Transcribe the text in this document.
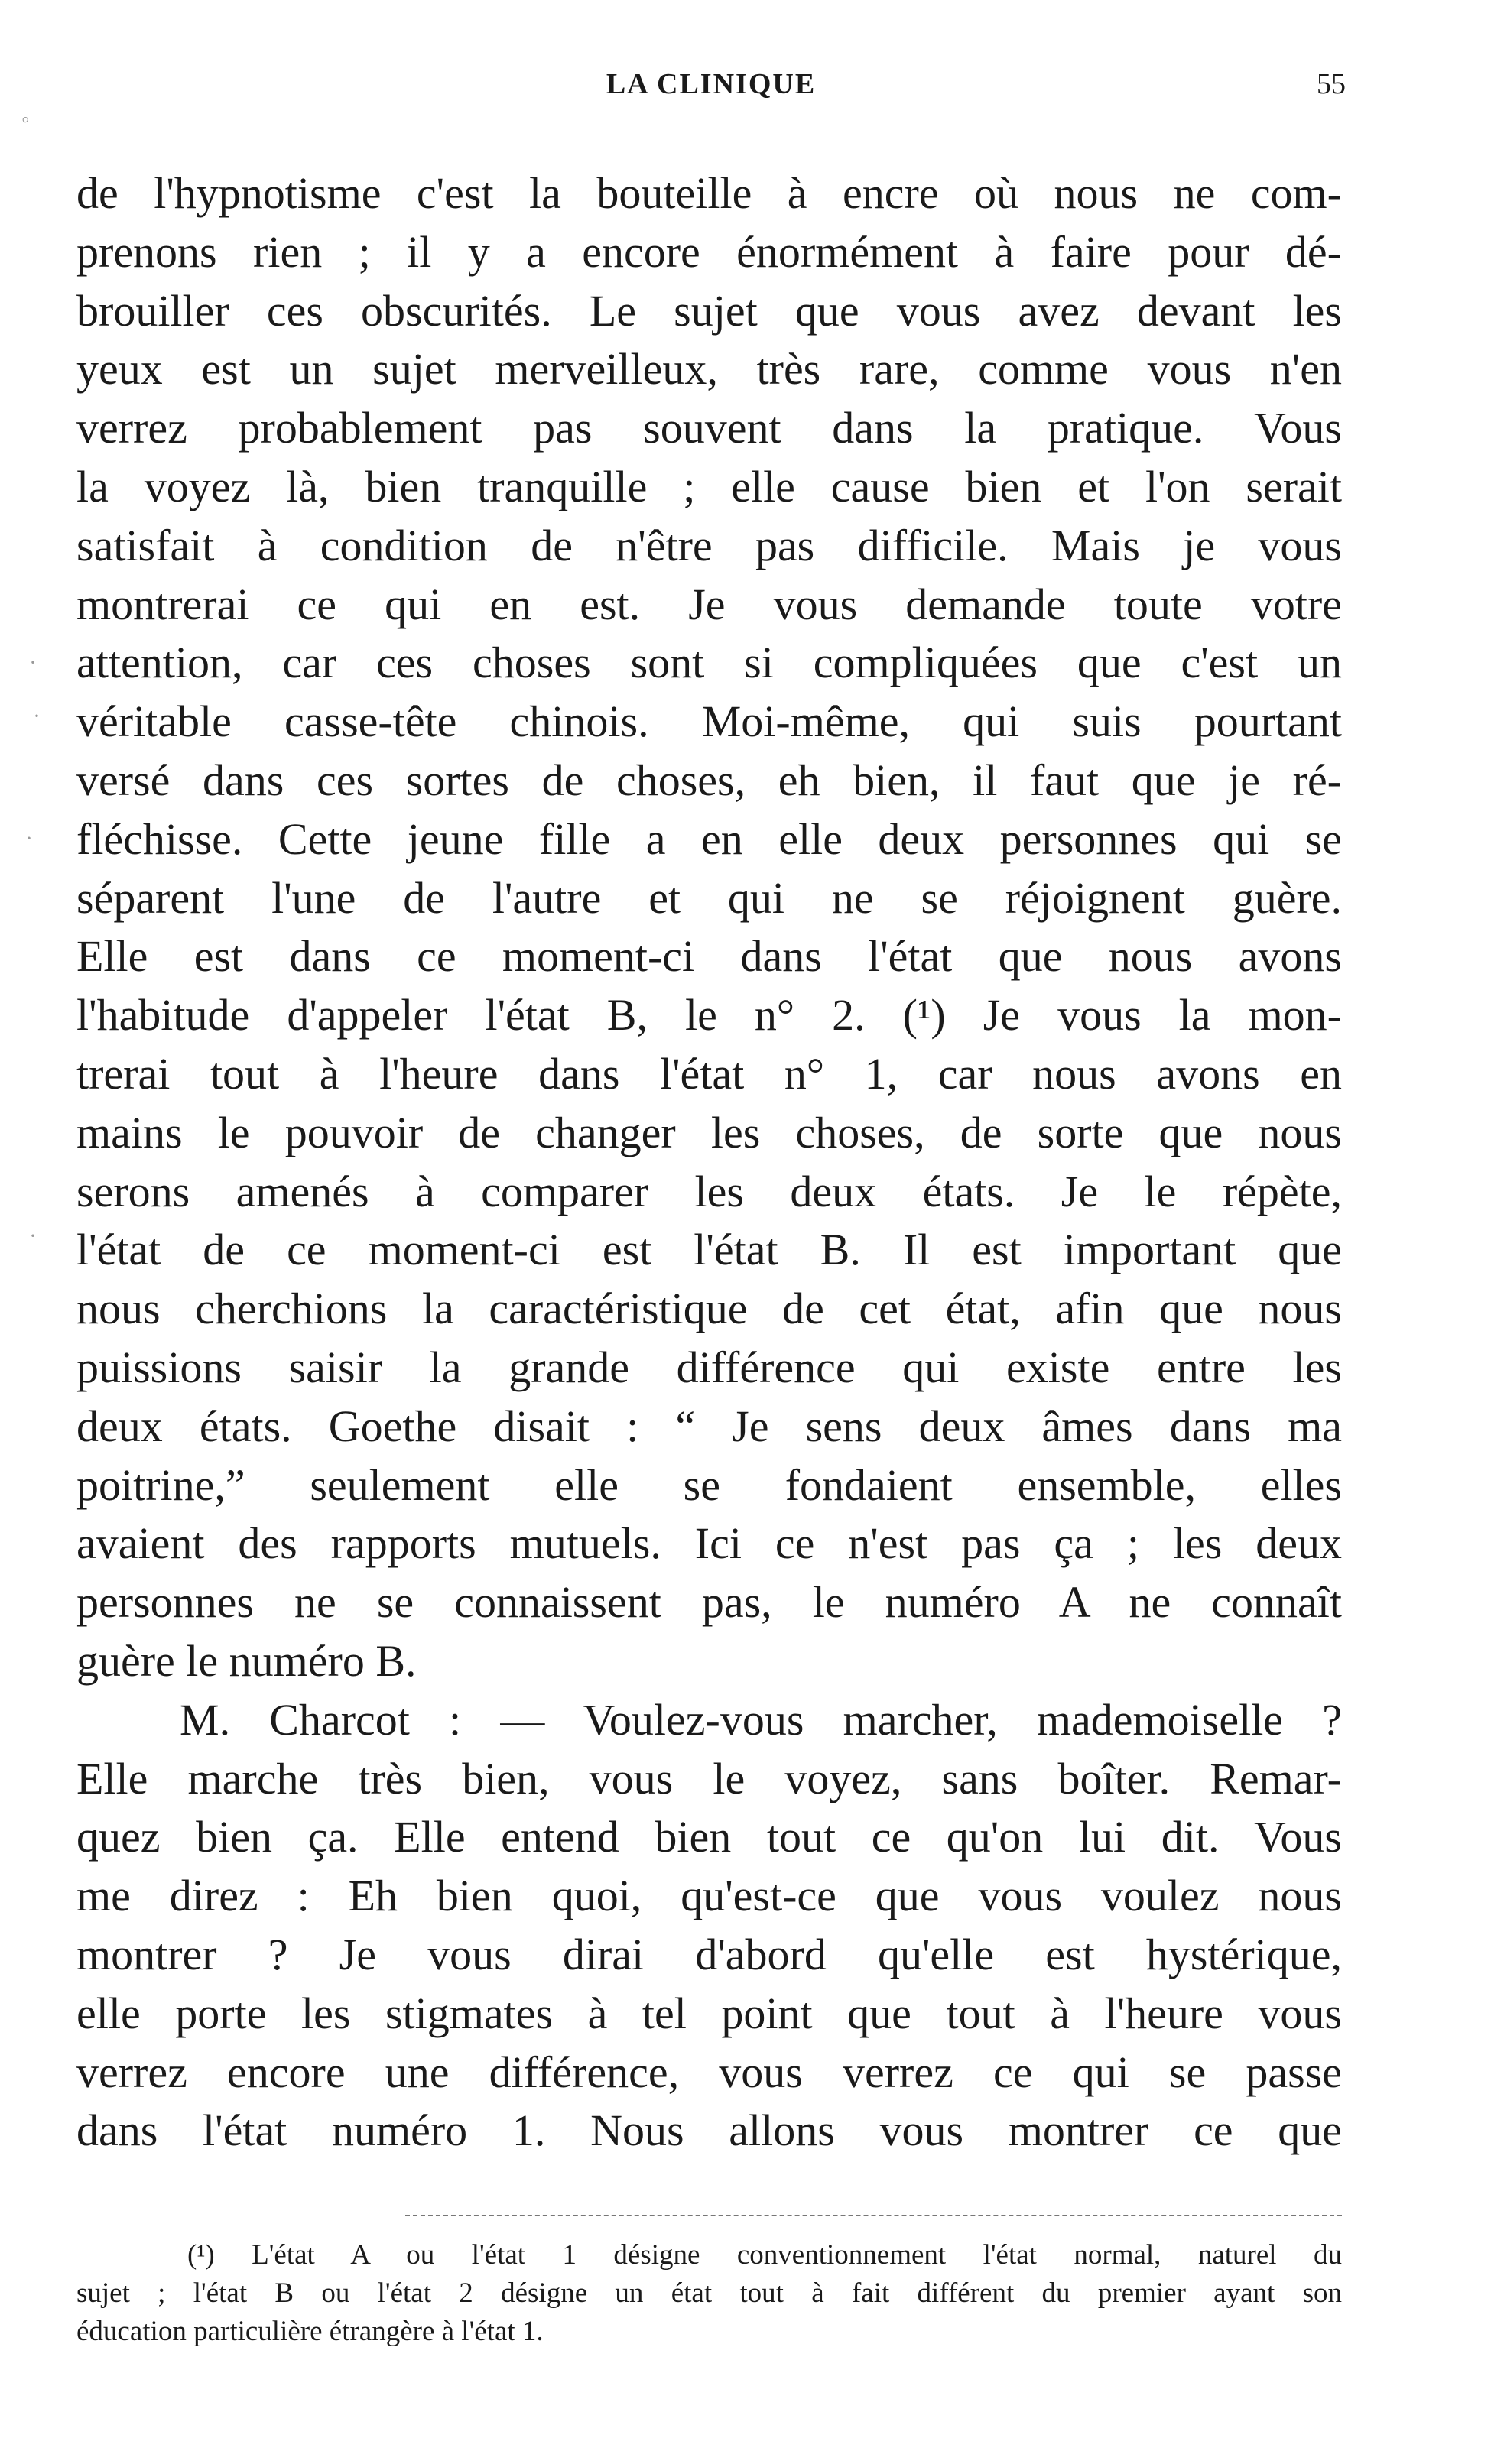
LA CLINIQUE	55
◦
·
·
·
·
de l'hypnotisme c'est la bouteille à encre où nous ne com-
prenons rien ; il y a encore énormément à faire pour dé-
brouiller ces obscurités. Le sujet que vous avez devant les
yeux est un sujet merveilleux, très rare, comme vous n'en
verrez probablement pas souvent dans la pratique. Vous
la voyez là, bien tranquille ; elle cause bien et l'on serait
satisfait à condition de n'être pas difficile. Mais je vous
montrerai ce qui en est. Je vous demande toute votre
attention, car ces choses sont si compliquées que c'est un
véritable casse-tête chinois. Moi-même, qui suis pourtant
versé dans ces sortes de choses, eh bien, il faut que je ré-
fléchisse. Cette jeune fille a en elle deux personnes qui se
séparent l'une de l'autre et qui ne se réjoignent guère.
Elle est dans ce moment-ci dans l'état que nous avons
l'habitude d'appeler l'état B, le n° 2. (¹) Je vous la mon-
trerai tout à l'heure dans l'état n° 1, car nous avons en
mains le pouvoir de changer les choses, de sorte que nous
serons amenés à comparer les deux états. Je le répète,
l'état de ce moment-ci est l'état B. Il est important que
nous cherchions la caractéristique de cet état, afin que nous
puissions saisir la grande différence qui existe entre les
deux états. Goethe disait : “ Je sens deux âmes dans ma
poitrine,” seulement elle se fondaient ensemble, elles
avaient des rapports mutuels. Ici ce n'est pas ça ; les deux
personnes ne se connaissent pas, le numéro A ne connaît
guère le numéro B.
M. Charcot : — Voulez-vous marcher, mademoiselle ?
Elle marche très bien, vous le voyez, sans boîter. Remar-
quez bien ça. Elle entend bien tout ce qu'on lui dit. Vous
me direz : Eh bien quoi, qu'est-ce que vous voulez nous
montrer ? Je vous dirai d'abord qu'elle est hystérique,
elle porte les stigmates à tel point que tout à l'heure vous
verrez encore une différence, vous verrez ce qui se passe
dans l'état numéro 1. Nous allons vous montrer ce que
(¹) L'état A ou l'état 1 désigne conventionnement l'état normal, naturel du
sujet ; l'état B ou l'état 2 désigne un état tout à fait différent du premier ayant son
éducation particulière étrangère à l'état 1.
